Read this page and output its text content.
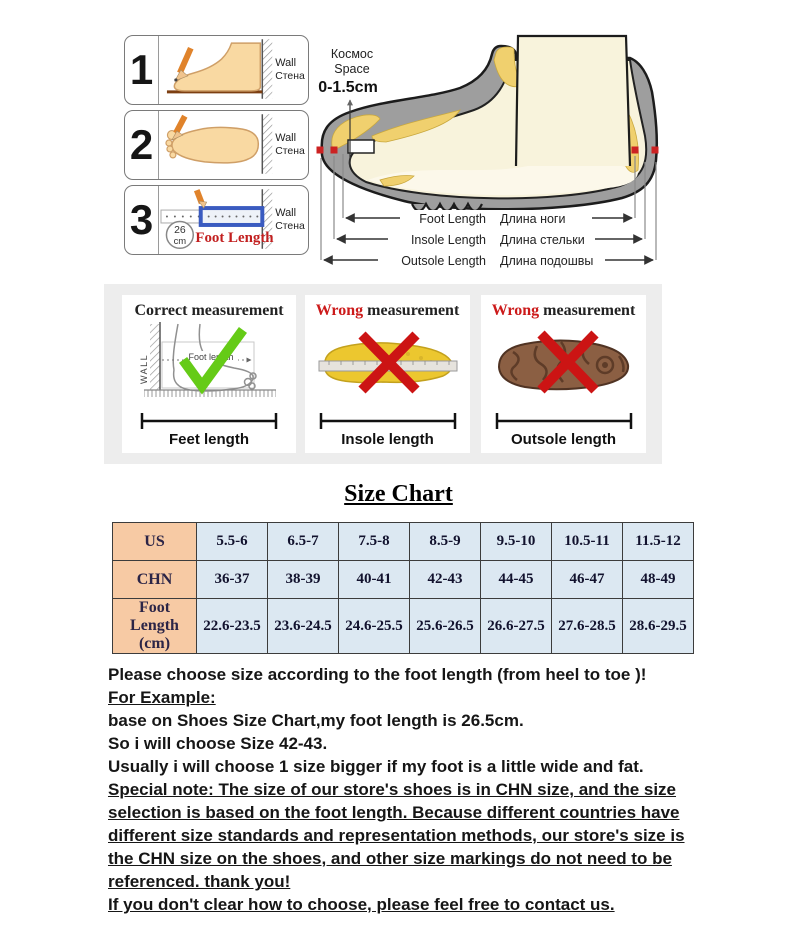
1	Wall
Стена
2	Wall
Стена
3	26
cm Foot Length
Wall
Стена
Космос
Space
0-1.5cm
Foot Length Длина ноги
Insole Length Длина стельки
Outsole Length Длина подошвы
Correct measurement
WALL	Foot length
Feet length
Wrong measurement
Insole length
Wrong measurement
Outsole length
Size Chart
US	5.5-6	6.5-7	7.5-8	8.5-9	9.5-10	10.5-11	11.5-12
CHN	36-37	38-39	40-41	42-43	44-45	46-47	48-49

Foot Length
(cm)	22.6-23.5	23.6-24.5	24.6-25.5	25.6-26.5	26.6-27.5	27.6-28.5	28.6-29.5

Please choose size according to the foot length (from heel to toe )!

For Example:

base on Shoes Size Chart,my foot length is 26.5cm.

So i will choose Size 42-43.

Usually i will choose 1 size bigger if my foot is a little wide and fat.

Special note: The size of our store's shoes is in CHN size, and the size

selection is based on the foot length. Because different countries have

different size standards and representation methods, our store's size is

the CHN size on the shoes, and other size markings do not need to be

referenced. thank you!

If you don't clear how to choose, please feel free to contact us.
